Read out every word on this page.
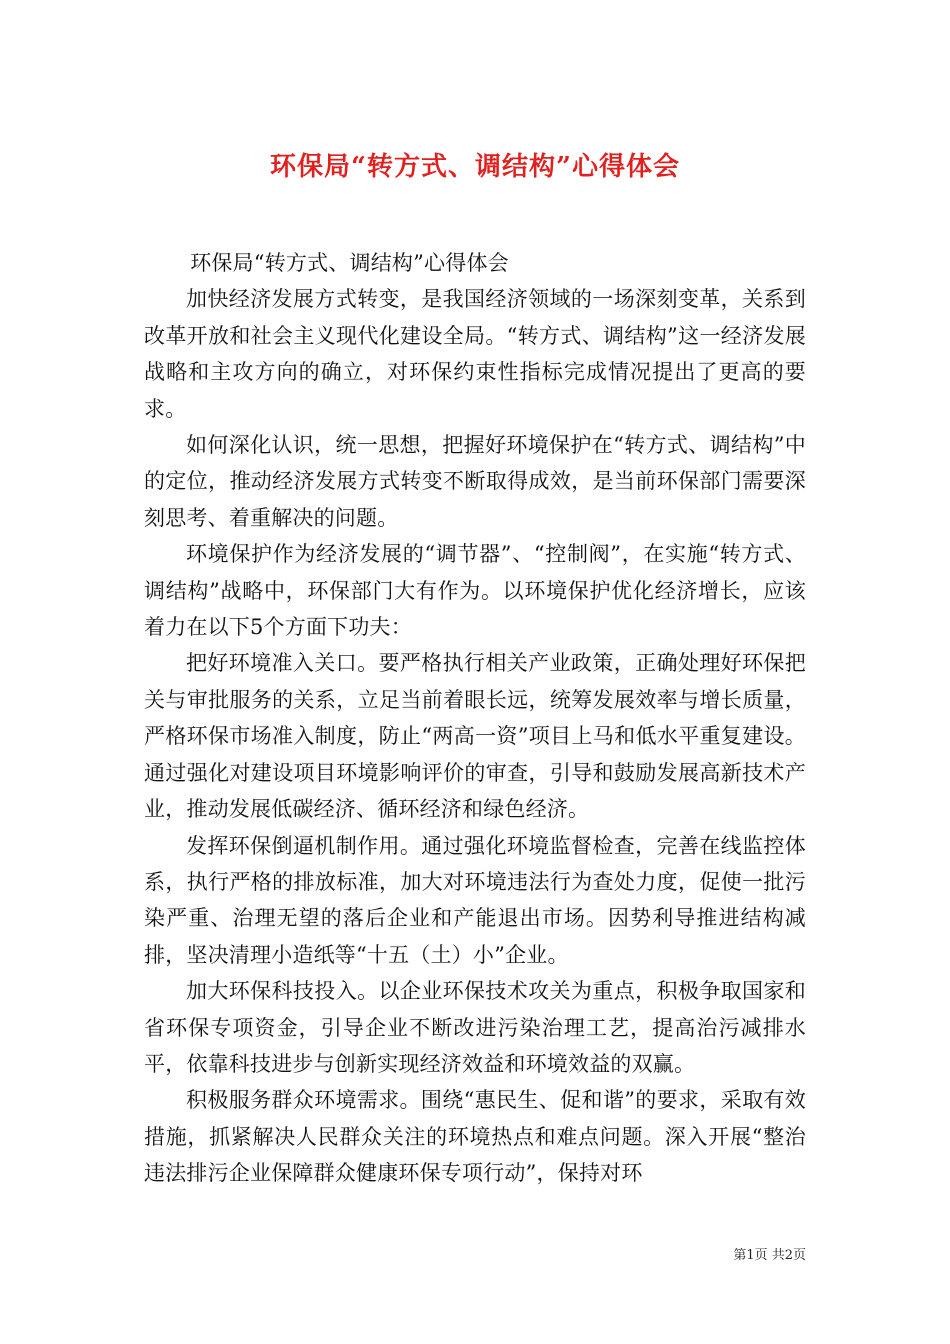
环保局“转方式、调结构”心得体会

环保局“转方式、调结构”心得体会

加快经济发展方式转变，是我国经济领域的一场深刻变革，关系到改革开放和社会主义现代化建设全局。“转方式、调结构”这一经济发展战略和主攻方向的确立，对环保约束性指标完成情况提出了更高的要求。

如何深化认识，统一思想，把握好环境保护在“转方式、调结构”中的定位，推动经济发展方式转变不断取得成效，是当前环保部门需要深刻思考、着重解决的问题。

环境保护作为经济发展的“调节器”、“控制阀”，在实施“转方式、调结构”战略中，环保部门大有作为。以环境保护优化经济增长，应该着力在以下5个方面下功夫：

把好环境准入关口。要严格执行相关产业政策，正确处理好环保把关与审批服务的关系，立足当前着眼长远，统筹发展效率与增长质量，严格环保市场准入制度，防止“两高一资”项目上马和低水平重复建设。通过强化对建设项目环境影响评价的审查，引导和鼓励发展高新技术产业，推动发展低碳经济、循环经济和绿色经济。

发挥环保倒逼机制作用。通过强化环境监督检查，完善在线监控体系，执行严格的排放标准，加大对环境违法行为查处力度，促使一批污染严重、治理无望的落后企业和产能退出市场。因势利导推进结构减排，坚决清理小造纸等“十五（土）小”企业。

加大环保科技投入。以企业环保技术攻关为重点，积极争取国家和省环保专项资金，引导企业不断改进污染治理工艺，提高治污减排水平，依靠科技进步与创新实现经济效益和环境效益的双赢。

积极服务群众环境需求。围绕“惠民生、促和谐”的要求，采取有效措施，抓紧解决人民群众关注的环境热点和难点问题。深入开展“整治违法排污企业保障群众健康环保专项行动”，保持对环

第1页 共2页
